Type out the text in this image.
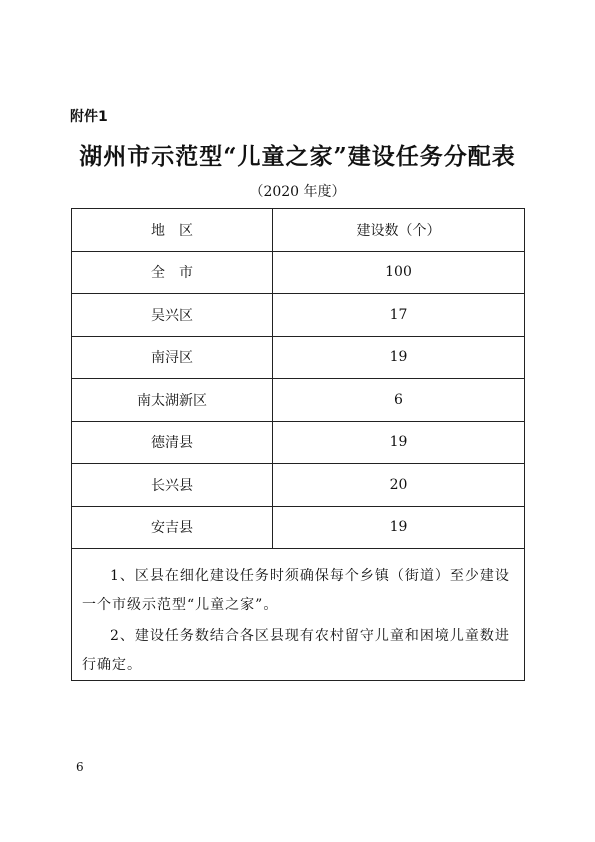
附件1
湖州市示范型“儿童之家”建设任务分配表
（2020 年度）
地　区	建设数（个）
全　市	100
吴兴区	17
南浔区	19
南太湖新区	6
德清县	19
长兴县	20
安吉县	19

1、区县在细化建设任务时须确保每个乡镇（街道）至少建设一个市级示范型“儿童之家”。

2、建设任务数结合各区县现有农村留守儿童和困境儿童数进行确定。	

6
